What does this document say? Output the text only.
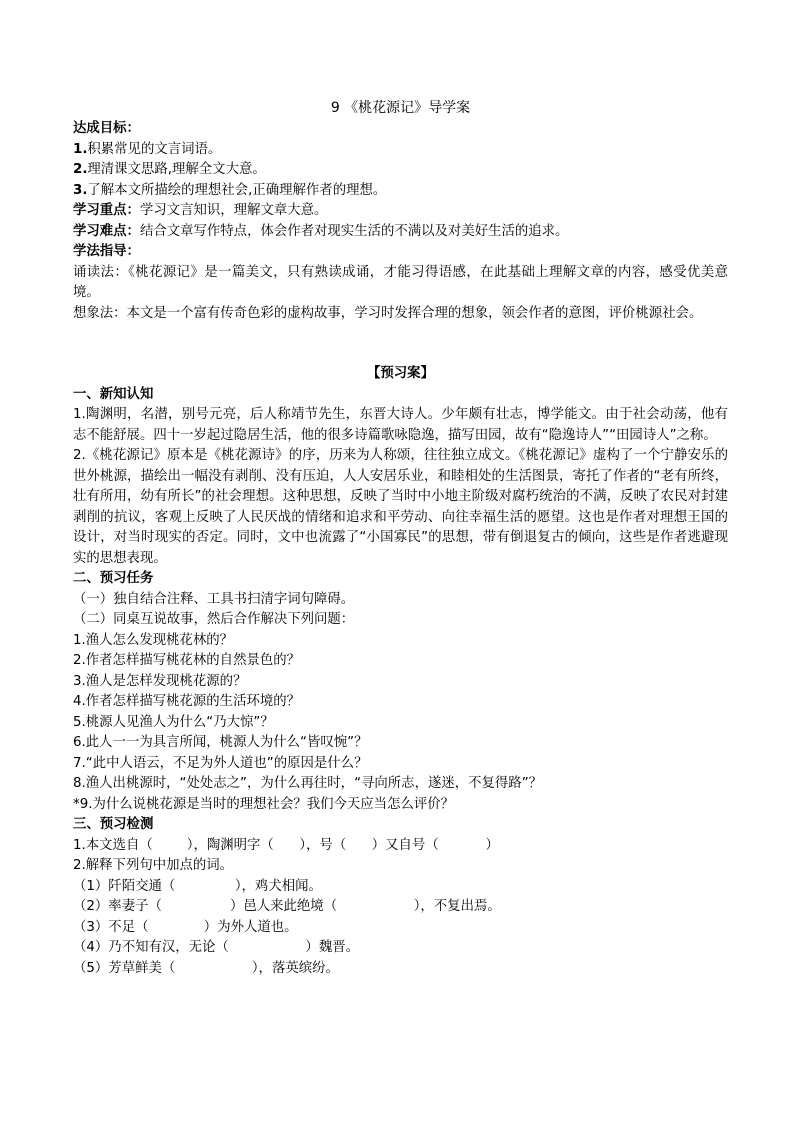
9 《桃花源记》导学案
达成目标：
1.积累常见的文言词语。
2.理清课文思路,理解全文大意。
3.了解本文所描绘的理想社会,正确理解作者的理想。
学习重点：学习文言知识，理解文章大意。
学习难点：结合文章写作特点，体会作者对现实生活的不满以及对美好生活的追求。
学法指导：
诵读法：《桃花源记》是一篇美文，只有熟读成诵，才能习得语感，在此基础上理解文章的内容，感受优美意境。
想象法：本文是一个富有传奇色彩的虚构故事，学习时发挥合理的想象，领会作者的意图，评价桃源社会。
【预习案】
一、新知认知
1.陶渊明，名潜，别号元亮，后人称靖节先生，东晋大诗人。少年颇有壮志，博学能文。由于社会动荡，他有志不能舒展。四十一岁起过隐居生活，他的很多诗篇歌咏隐逸，描写田园，故有“隐逸诗人”“田园诗人”之称。
2.《桃花源记》原本是《桃花源诗》的序，历来为人称颂，往往独立成文。《桃花源记》虚构了一个宁静安乐的世外桃源，描绘出一幅没有剥削、没有压迫，人人安居乐业，和睦相处的生活图景，寄托了作者的“老有所终，壮有所用，幼有所长”的社会理想。这种思想，反映了当时中小地主阶级对腐朽统治的不满，反映了农民对封建剥削的抗议，客观上反映了人民厌战的情绪和追求和平劳动、向往幸福生活的愿望。这也是作者对理想王国的设计，对当时现实的否定。同时，文中也流露了“小国寡民”的思想，带有倒退复古的倾向，这些是作者逃避现实的思想表现。
二、预习任务
（一）独自结合注释、工具书扫清字词句障碍。
（二）同桌互说故事，然后合作解决下列问题：
1.渔人怎么发现桃花林的？
2.作者怎样描写桃花林的自然景色的？
3.渔人是怎样发现桃花源的？
4.作者怎样描写桃花源的生活环境的？
5.桃源人见渔人为什么“乃大惊”？
6.此人一一为具言所闻，桃源人为什么“皆叹惋”？
7.“此中人语云，不足为外人道也”的原因是什么？
8.渔人出桃源时，“处处志之”，为什么再往时，“寻向所志，遂迷，不复得路”？
*9.为什么说桃花源是当时的理想社会？我们今天应当怎么评价？
三、预习检测
1.本文选自（        ），陶渊明字（      ），号（      ）又自号（           ）
2.解释下列句中加点的词。
（1）阡陌交通（              ），鸡犬相闻。
（2）率妻子（                ）邑人来此绝境（                  ），不复出焉。
（3）不足（             ）为外人道也。
（4）乃不知有汉，无论（                  ）魏晋。
（5）芳草鲜美（                  ），落英缤纷。
